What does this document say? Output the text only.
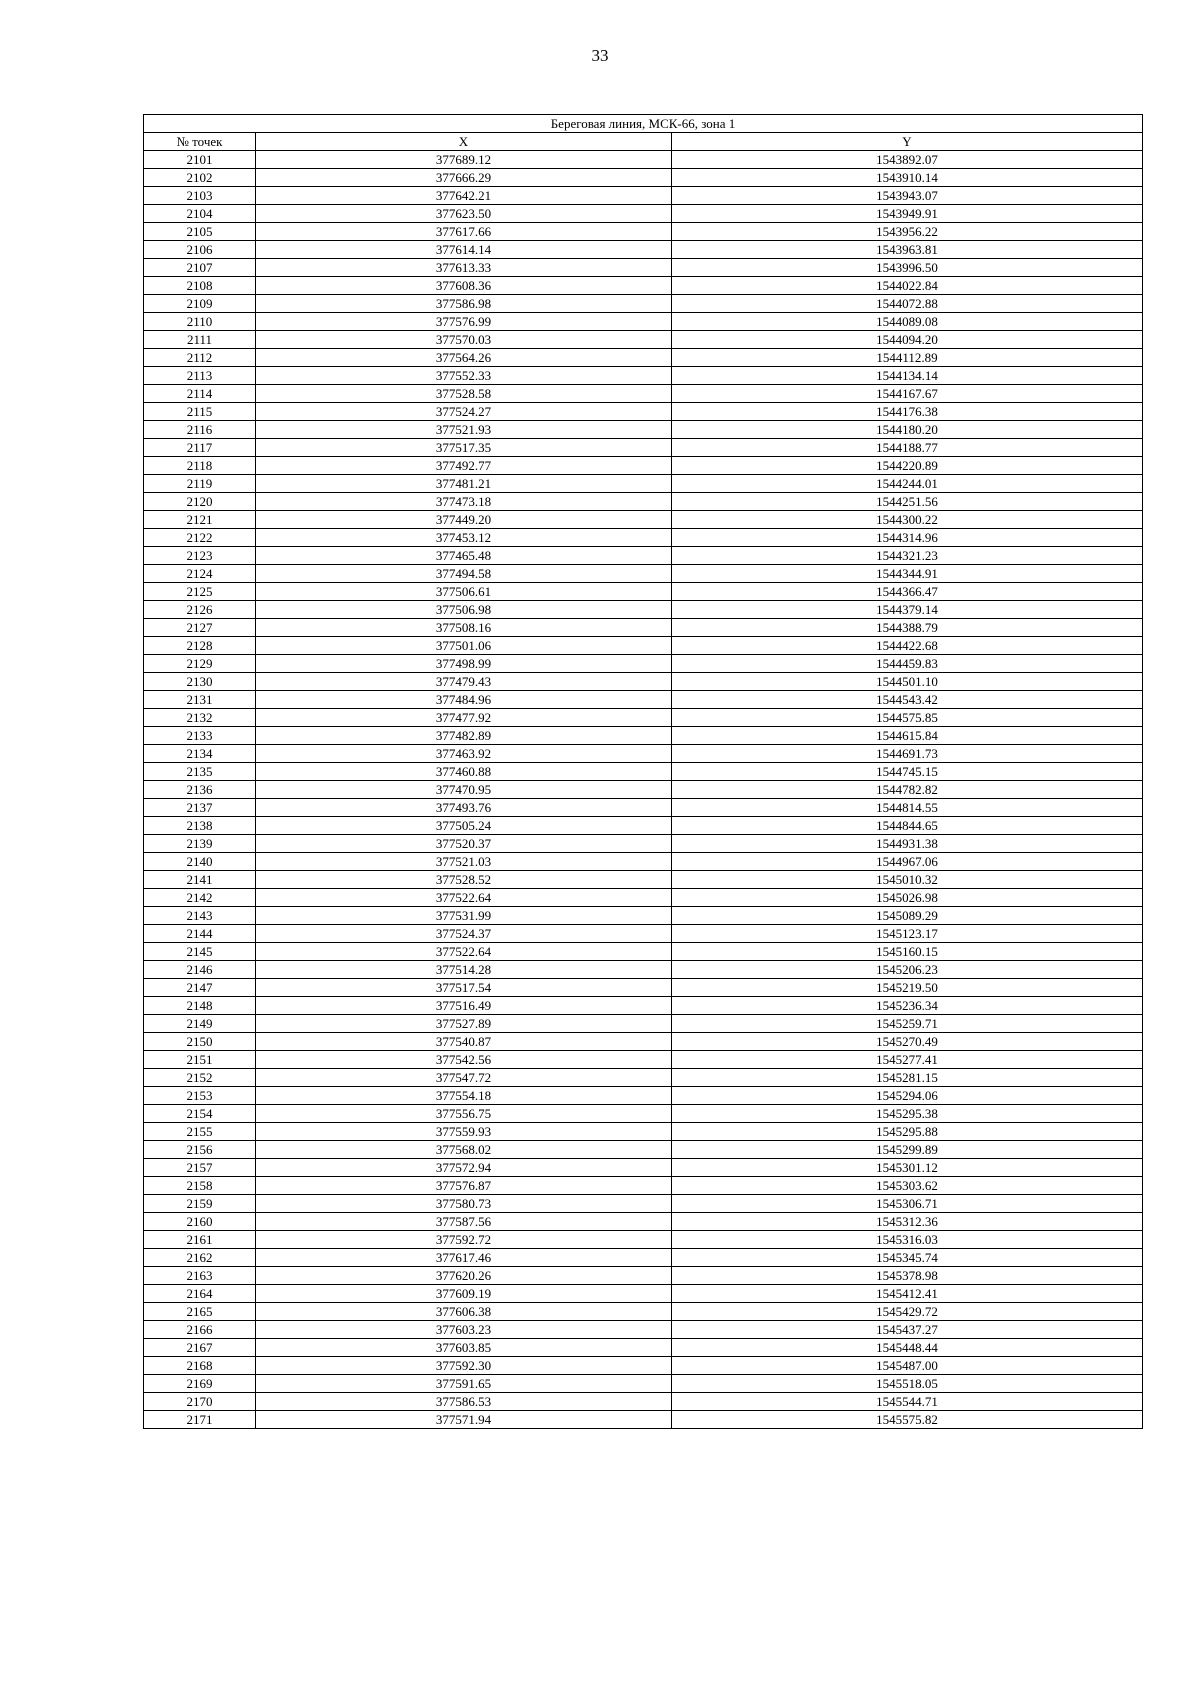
33
Береговая линия, МСК-66, зона 1		
№ точек	X	Y
2101	377689.12	1543892.07
2102	377666.29	1543910.14
2103	377642.21	1543943.07
2104	377623.50	1543949.91
2105	377617.66	1543956.22
2106	377614.14	1543963.81
2107	377613.33	1543996.50
2108	377608.36	1544022.84
2109	377586.98	1544072.88
2110	377576.99	1544089.08
2111	377570.03	1544094.20
2112	377564.26	1544112.89
2113	377552.33	1544134.14
2114	377528.58	1544167.67
2115	377524.27	1544176.38
2116	377521.93	1544180.20
2117	377517.35	1544188.77
2118	377492.77	1544220.89
2119	377481.21	1544244.01
2120	377473.18	1544251.56
2121	377449.20	1544300.22
2122	377453.12	1544314.96
2123	377465.48	1544321.23
2124	377494.58	1544344.91
2125	377506.61	1544366.47
2126	377506.98	1544379.14
2127	377508.16	1544388.79
2128	377501.06	1544422.68
2129	377498.99	1544459.83
2130	377479.43	1544501.10
2131	377484.96	1544543.42
2132	377477.92	1544575.85
2133	377482.89	1544615.84
2134	377463.92	1544691.73
2135	377460.88	1544745.15
2136	377470.95	1544782.82
2137	377493.76	1544814.55
2138	377505.24	1544844.65
2139	377520.37	1544931.38
2140	377521.03	1544967.06
2141	377528.52	1545010.32
2142	377522.64	1545026.98
2143	377531.99	1545089.29
2144	377524.37	1545123.17
2145	377522.64	1545160.15
2146	377514.28	1545206.23
2147	377517.54	1545219.50
2148	377516.49	1545236.34
2149	377527.89	1545259.71
2150	377540.87	1545270.49
2151	377542.56	1545277.41
2152	377547.72	1545281.15
2153	377554.18	1545294.06
2154	377556.75	1545295.38
2155	377559.93	1545295.88
2156	377568.02	1545299.89
2157	377572.94	1545301.12
2158	377576.87	1545303.62
2159	377580.73	1545306.71
2160	377587.56	1545312.36
2161	377592.72	1545316.03
2162	377617.46	1545345.74
2163	377620.26	1545378.98
2164	377609.19	1545412.41
2165	377606.38	1545429.72
2166	377603.23	1545437.27
2167	377603.85	1545448.44
2168	377592.30	1545487.00
2169	377591.65	1545518.05
2170	377586.53	1545544.71
2171	377571.94	1545575.82
